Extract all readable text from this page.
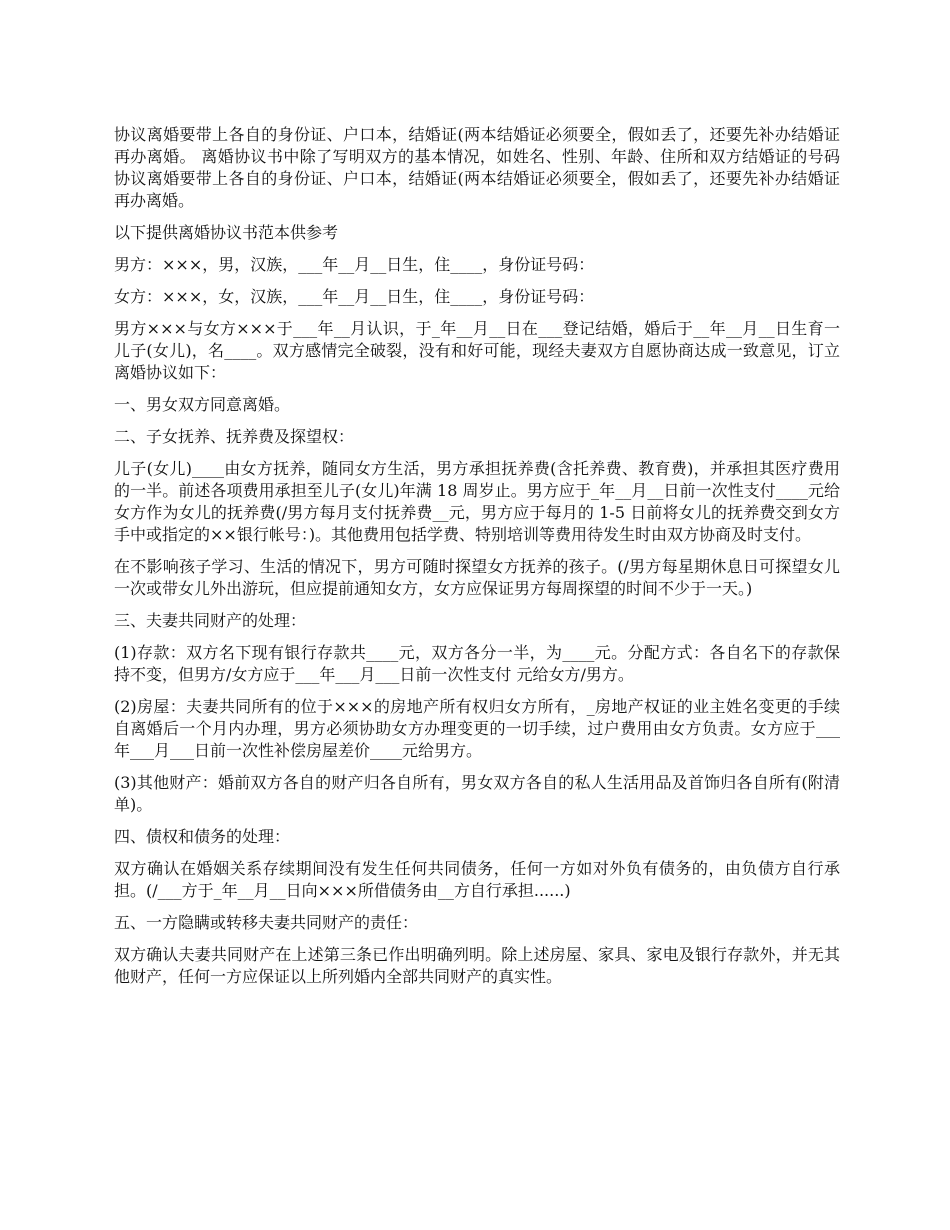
协议离婚要带上各自的身份证、户口本，结婚证(两本结婚证必须要全，假如丢了，还要先补办结婚证再办离婚。 离婚协议书中除了写明双方的基本情况，如姓名、性别、年龄、住所和双方结婚证的号码 协议离婚要带上各自的身份证、户口本，结婚证(两本结婚证必须要全，假如丢了，还要先补办结婚证再办离婚。

以下提供离婚协议书范本供参考

男方：×××，男，汉族，___年__月__日生，住____，身份证号码：

女方：×××，女，汉族，___年__月__日生，住____，身份证号码：

男方×××与女方×××于___年__月认识，于_年__月__日在___登记结婚，婚后于__年__月__日生育一儿子(女儿)，名____。双方感情完全破裂，没有和好可能，现经夫妻双方自愿协商达成一致意见，订立离婚协议如下：

一、男女双方同意离婚。

二、子女抚养、抚养费及探望权：

儿子(女儿)____由女方抚养，随同女方生活，男方承担抚养费(含托养费、教育费)，并承担其医疗费用的一半。前述各项费用承担至儿子(女儿)年满 18 周岁止。男方应于_年__月__日前一次性支付____元给女方作为女儿的抚养费(/男方每月支付抚养费__元，男方应于每月的 1-5 日前将女儿的抚养费交到女方手中或指定的××银行帐号：)。其他费用包括学费、特别培训等费用待发生时由双方协商及时支付。

在不影响孩子学习、生活的情况下，男方可随时探望女方抚养的孩子。(/男方每星期休息日可探望女儿一次或带女儿外出游玩，但应提前通知女方，女方应保证男方每周探望的时间不少于一天。)

三、夫妻共同财产的处理：

(1)存款：双方名下现有银行存款共____元，双方各分一半，为____元。分配方式：各自名下的存款保持不变，但男方/女方应于___年___月___日前一次性支付 元给女方/男方。

(2)房屋：夫妻共同所有的位于×××的房地产所有权归女方所有，_房地产权证的业主姓名变更的手续自离婚后一个月内办理，男方必须协助女方办理变更的一切手续，过户费用由女方负责。女方应于___年___月___日前一次性补偿房屋差价____元给男方。

(3)其他财产：婚前双方各自的财产归各自所有，男女双方各自的私人生活用品及首饰归各自所有(附清单)。

四、债权和债务的处理：

双方确认在婚姻关系存续期间没有发生任何共同债务，任何一方如对外负有债务的，由负债方自行承担。(/___方于_年__月__日向×××所借债务由__方自行承担......)

五、一方隐瞒或转移夫妻共同财产的责任：

双方确认夫妻共同财产在上述第三条已作出明确列明。除上述房屋、家具、家电及银行存款外，并无其他财产，任何一方应保证以上所列婚内全部共同财产的真实性。
